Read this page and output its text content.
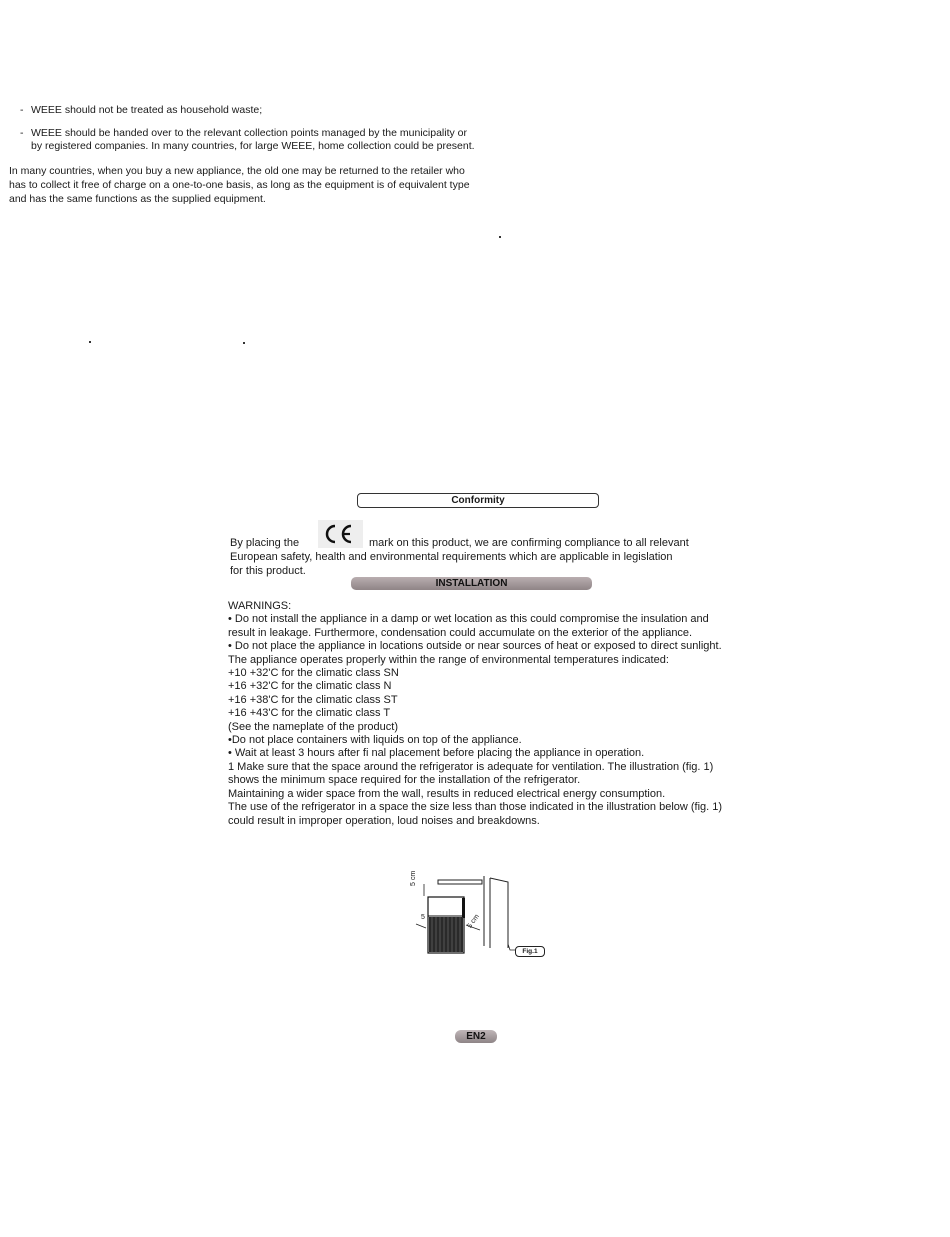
- WEEE should not be treated as household waste;
- WEEE should be handed over to the relevant collection points managed by the municipality or
by registered companies. In many countries, for large WEEE, home collection could be present.
In many countries, when you buy a new appliance, the old one may be returned to the retailer who
has to collect it free of charge on a one-to-one basis, as long as the equipment is of equivalent type
and has the same functions as the supplied equipment.
Conformity
By placing the	mark on this product, we are confirming compliance to all relevant
European safety, health and environmental requirements which are applicable in legislation
for this product.
INSTALLATION
WARNINGS:
• Do not install the appliance in a damp or wet location as this could compromise the insulation and
result in leakage. Furthermore, condensation could accumulate on the exterior of the appliance.
• Do not place the appliance in locations outside or near sources of heat or exposed to direct sunlight.
The appliance operates properly within the range of environmental temperatures indicated:
+10 +32'C for the climatic class SN
+16 +32'C for the climatic class N
+16 +38'C for the climatic class ST
+16 +43'C for the climatic class T
(See the nameplate of the product)
•Do not place containers with liquids on top of the appliance.
• Wait at least 3 hours after fi nal placement before placing the appliance in operation.
1 Make sure that the space around the refrigerator is adequate for ventilation. The illustration (fig. 1)
shows the minimum space required for the installation of the refrigerator.
Maintaining a wider space from the wall, results in reduced electrical energy consumption.
The use of the refrigerator in a space the size less than those indicated in the illustration below (fig. 1)
could result in improper operation, loud noises and breakdowns.
5 cm
5	5 cm
Fig.1
EN2
